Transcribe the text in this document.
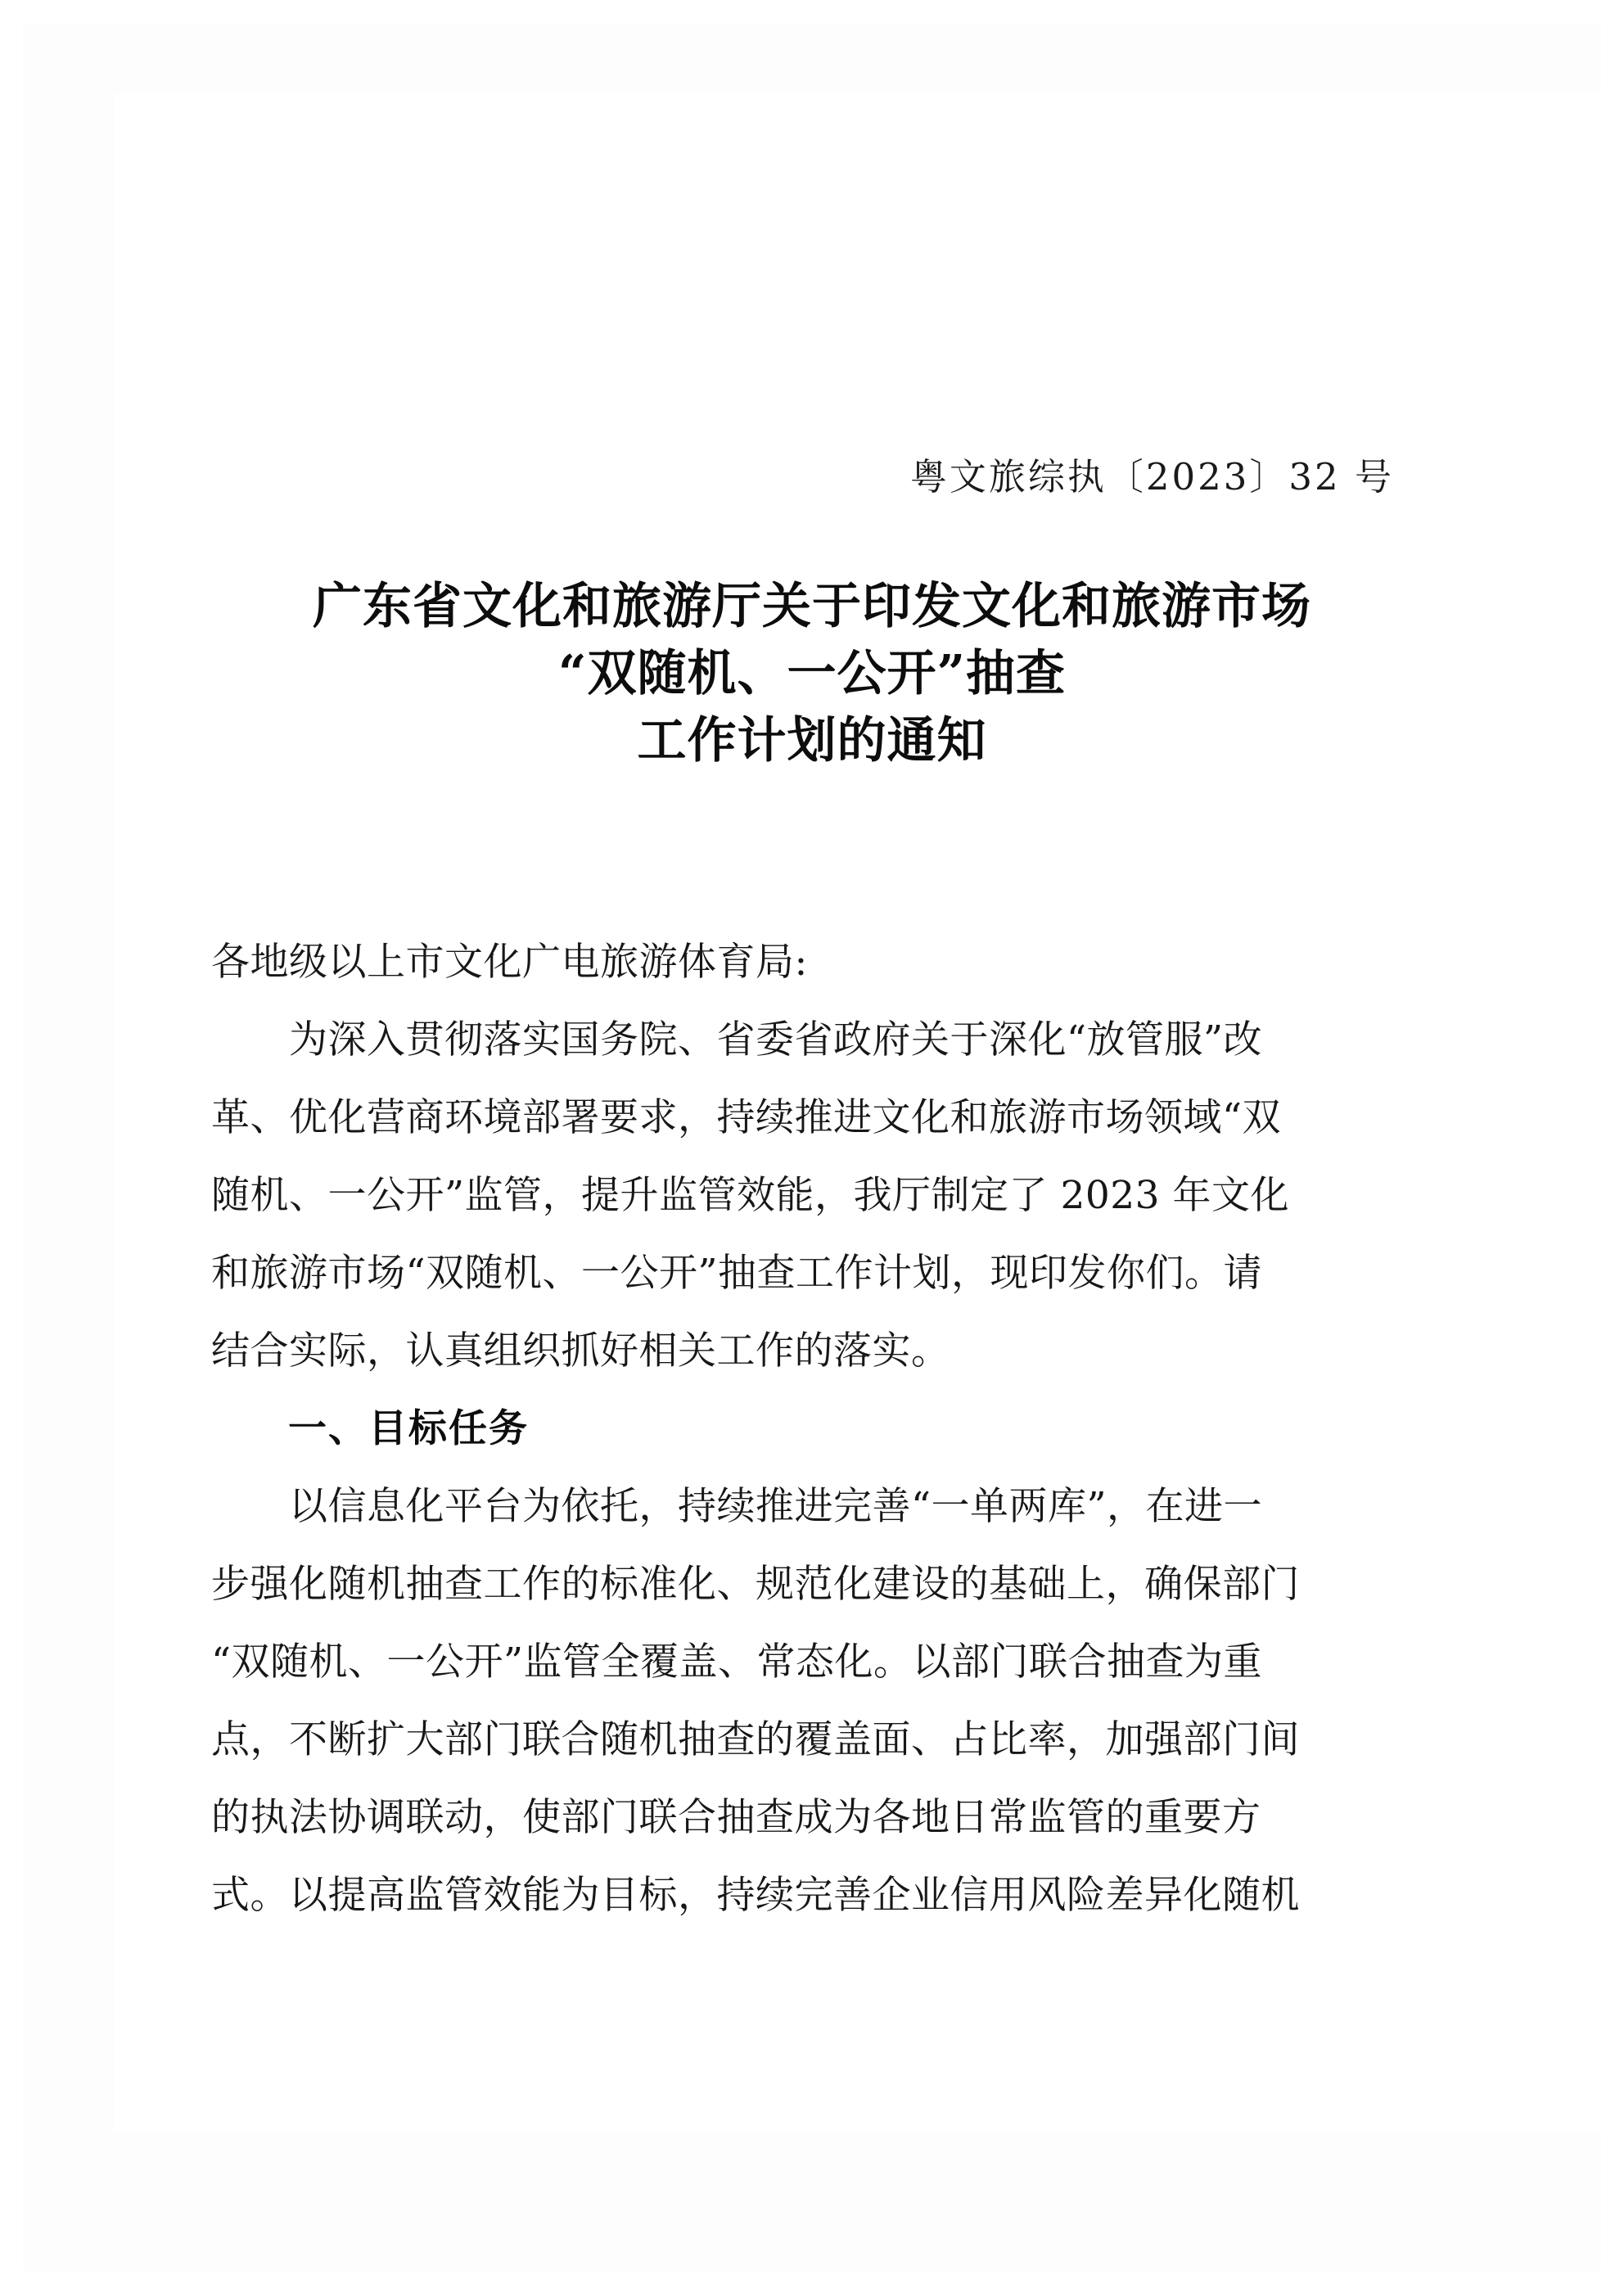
粤文旅综执〔2023〕32 号
广东省文化和旅游厅关于印发文化和旅游市场
“双随机、一公开”抽查
工作计划的通知
各地级以上市文化广电旅游体育局:
　　为深入贯彻落实国务院、省委省政府关于深化“放管服”改
革、优化营商环境部署要求，持续推进文化和旅游市场领域“双
随机、一公开”监管，提升监管效能，我厅制定了 2023 年文化
和旅游市场“双随机、一公开”抽查工作计划，现印发你们。请
结合实际，认真组织抓好相关工作的落实。
一、目标任务
　　以信息化平台为依托，持续推进完善“一单两库”，在进一
步强化随机抽查工作的标准化、规范化建设的基础上，确保部门
“双随机、一公开”监管全覆盖、常态化。以部门联合抽查为重
点，不断扩大部门联合随机抽查的覆盖面、占比率，加强部门间
的执法协调联动，使部门联合抽查成为各地日常监管的重要方
式。以提高监管效能为目标，持续完善企业信用风险差异化随机
